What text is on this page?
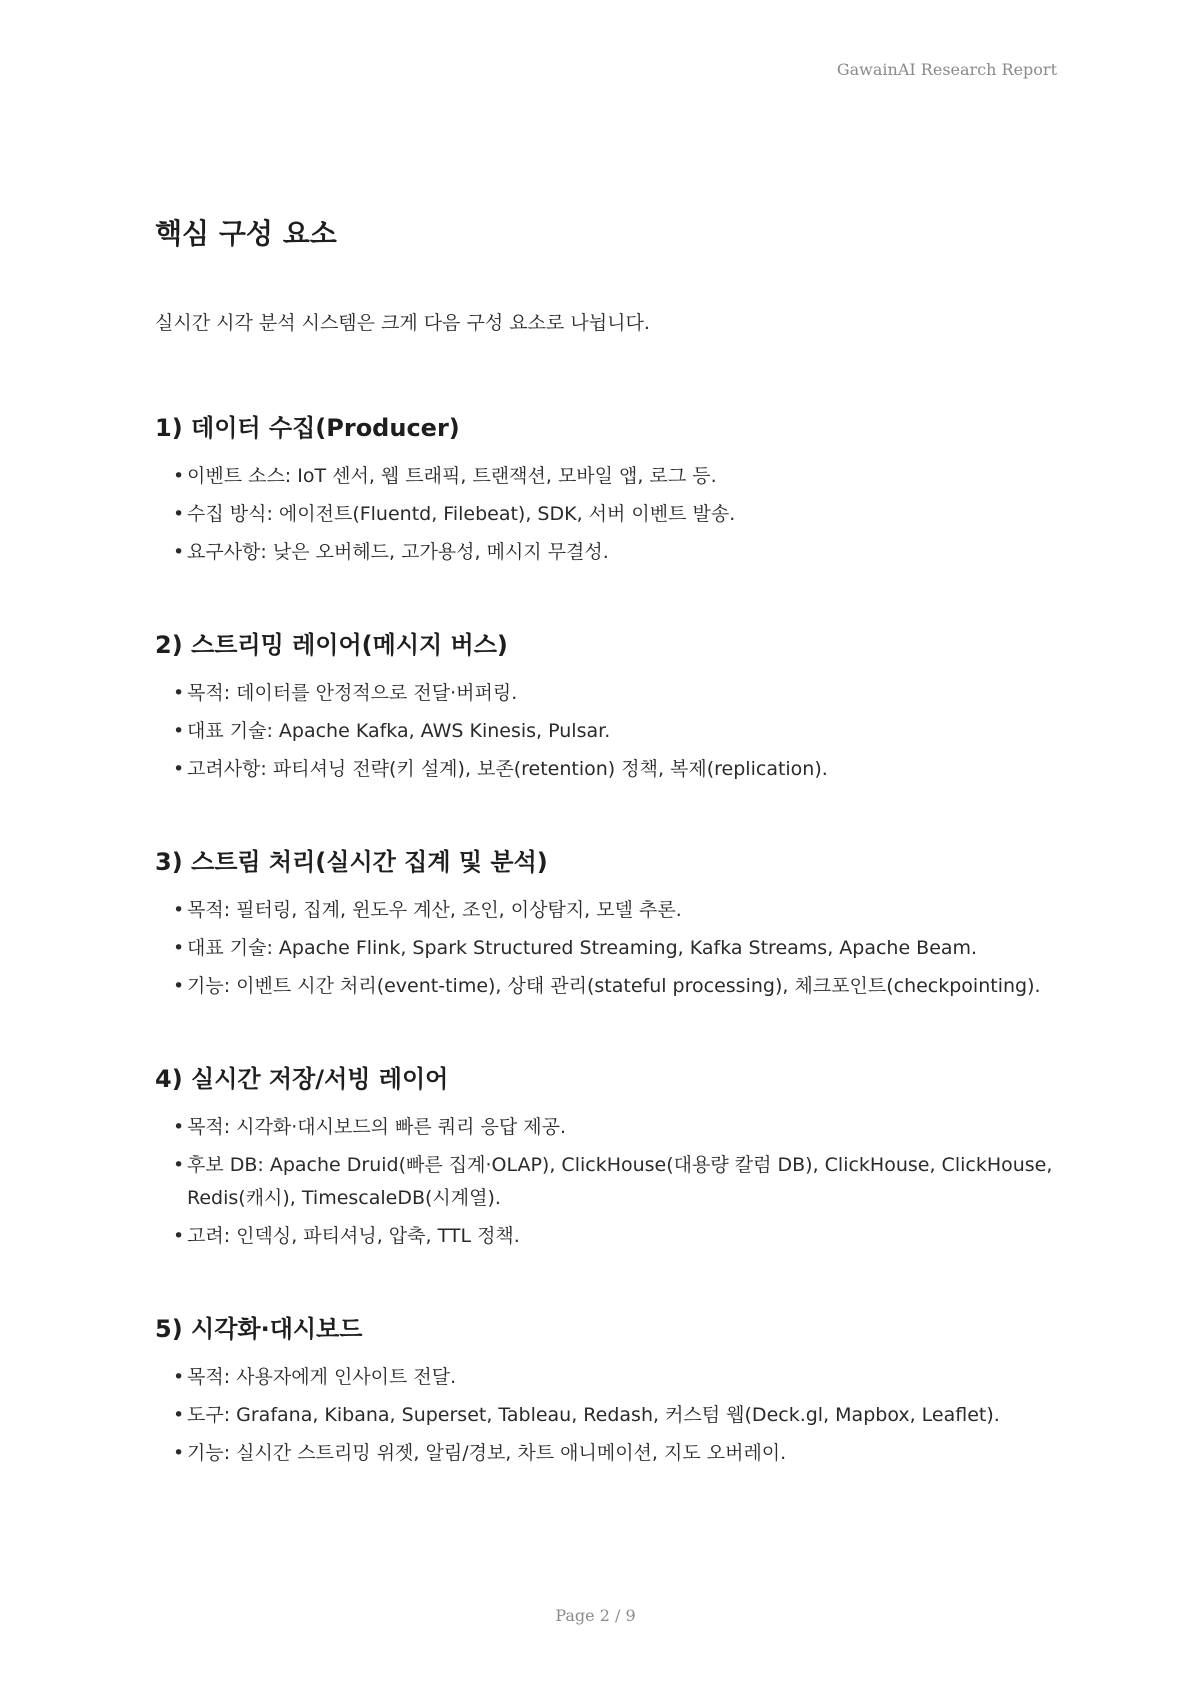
GawainAI Research Report
핵심 구성 요소

실시간 시각 분석 시스템은 크게 다음 구성 요소로 나뉩니다.

1) 데이터 수집(Producer)
• 이벤트 소스: IoT 센서, 웹 트래픽, 트랜잭션, 모바일 앱, 로그 등.
• 수집 방식: 에이전트(Fluentd, Filebeat), SDK, 서버 이벤트 발송.
• 요구사항: 낮은 오버헤드, 고가용성, 메시지 무결성.
2) 스트리밍 레이어(메시지 버스)
• 목적: 데이터를 안정적으로 전달·버퍼링.
• 대표 기술: Apache Kafka, AWS Kinesis, Pulsar.
• 고려사항: 파티셔닝 전략(키 설계), 보존(retention) 정책, 복제(replication).
3) 스트림 처리(실시간 집계 및 분석)
• 목적: 필터링, 집계, 윈도우 계산, 조인, 이상탐지, 모델 추론.
• 대표 기술: Apache Flink, Spark Structured Streaming, Kafka Streams, Apache Beam.
• 기능: 이벤트 시간 처리(event-time), 상태 관리(stateful processing), 체크포인트(checkpointing).
4) 실시간 저장/서빙 레이어
• 목적: 시각화·대시보드의 빠른 쿼리 응답 제공.
• 후보 DB: Apache Druid(빠른 집계·OLAP), ClickHouse(대용량 칼럼 DB), ClickHouse, ClickHouse, Redis(캐시), TimescaleDB(시계열).
• 고려: 인덱싱, 파티셔닝, 압축, TTL 정책.
5) 시각화·대시보드
• 목적: 사용자에게 인사이트 전달.
• 도구: Grafana, Kibana, Superset, Tableau, Redash, 커스텀 웹(Deck.gl, Mapbox, Leaflet).
• 기능: 실시간 스트리밍 위젯, 알림/경보, 차트 애니메이션, 지도 오버레이.
Page 2 / 9
